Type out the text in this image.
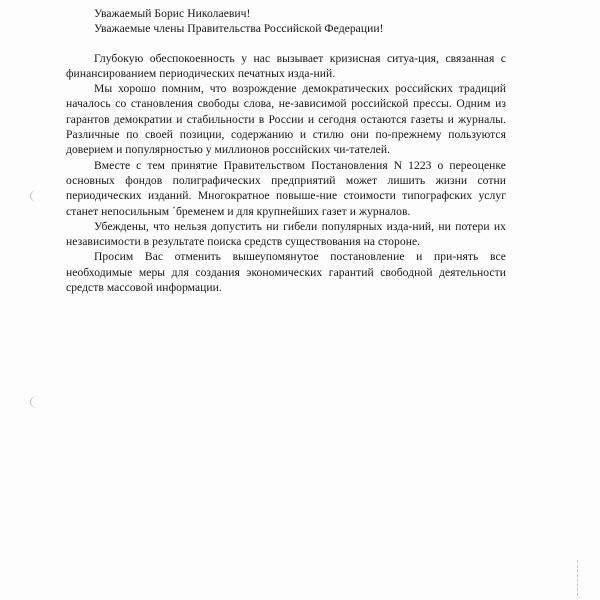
Уважаемый Борис Николаевич!

Уважаемые члены Правительства Российской Федерации!

Глубокую обеспокоенность у нас вызывает кризисная ситуа-ция, связанная с финансированием периодических печатных изда-ний.

Мы хорошо помним, что возрождение демократических российских традиций началось со становления свободы слова, не-зависимой российской прессы. Одним из гарантов демократии и стабильности в России и сегодня остаются газеты и журналы. Различные по своей позиции, содержанию и стилю они по-прежнему пользуются доверием и популярностью у миллионов российских чи-тателей.

Вместе с тем принятие Правительством Постановления N 1223 о переоценке основных фондов полиграфических предприятий может лишить жизни сотни периодических изданий. Многократное повыше-ние стоимости типографских услуг станет непосильным ´бременем и для крупнейших газет и журналов.

Убеждены, что нельзя допустить ни гибели популярных изда-ний, ни потери их независимости в результате поиска средств существования на стороне.

Просим Вас отменить вышеупомянутое постановление и при-нять все необходимые меры для создания экономических гарантий свободной деятельности средств массовой информации.
